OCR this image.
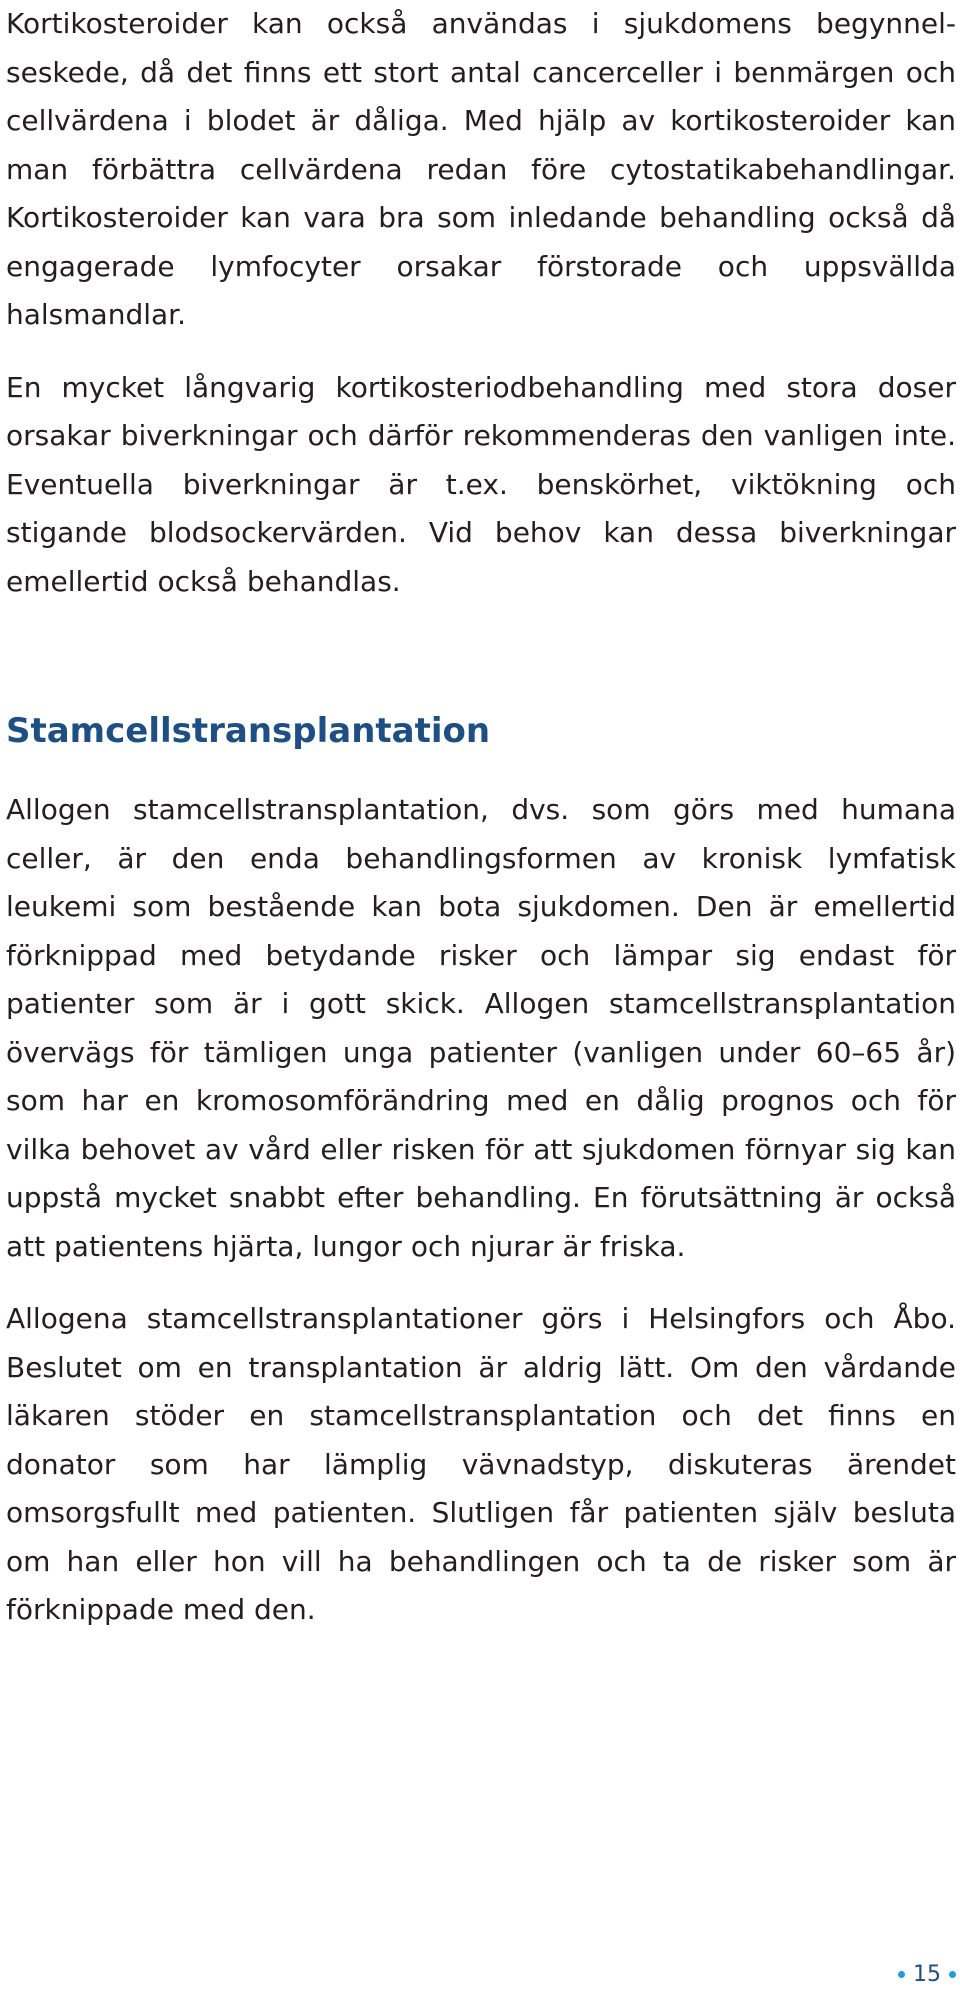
Kortikosteroider kan också användas i sjukdomens begynnelseskede, då det finns ett stort antal cancerceller i benmärgen och cellvärdena i blodet är dåliga. Med hjälp av kortikosteroider kan man förbättra cellvärdena redan före cytostatikabehandlingar. Kortikosteroider kan vara bra som inledande behandling också då engagerade lymfocyter orsakar förstorade och uppsvällda halsmandlar.

En mycket långvarig kortikosteriodbehandling med stora doser orsakar biverkningar och därför rekommenderas den vanligen inte. Eventuella biverkningar är t.ex. benskörhet, viktökning och stigande blodsockervärden. Vid behov kan dessa biverkningar emellertid också behandlas.

Stamcellstransplantation

Allogen stamcellstransplantation, dvs. som görs med humana celler, är den enda behandlingsformen av kronisk lymfatisk leukemi som bestående kan bota sjukdomen. Den är emellertid förknippad med betydande risker och lämpar sig endast för patienter som är i gott skick. Allogen stamcellstransplantation övervägs för tämligen unga patienter (vanligen under 60–65 år) som har en kromosomförändring med en dålig prognos och för vilka behovet av vård eller risken för att sjukdomen förnyar sig kan uppstå mycket snabbt efter behandling. En förutsättning är också att patientens hjärta, lungor och njurar är friska.

Allogena stamcellstransplantationer görs i Helsingfors och Åbo. Beslutet om en transplantation är aldrig lätt. Om den vårdande läkaren stöder en stamcellstransplantation och det finns en donator som har lämplig vävnadstyp, diskuteras ärendet omsorgsfullt med patienten. Slutligen får patienten själv besluta om han eller hon vill ha behandlingen och ta de risker som är förknippade med den.

15
